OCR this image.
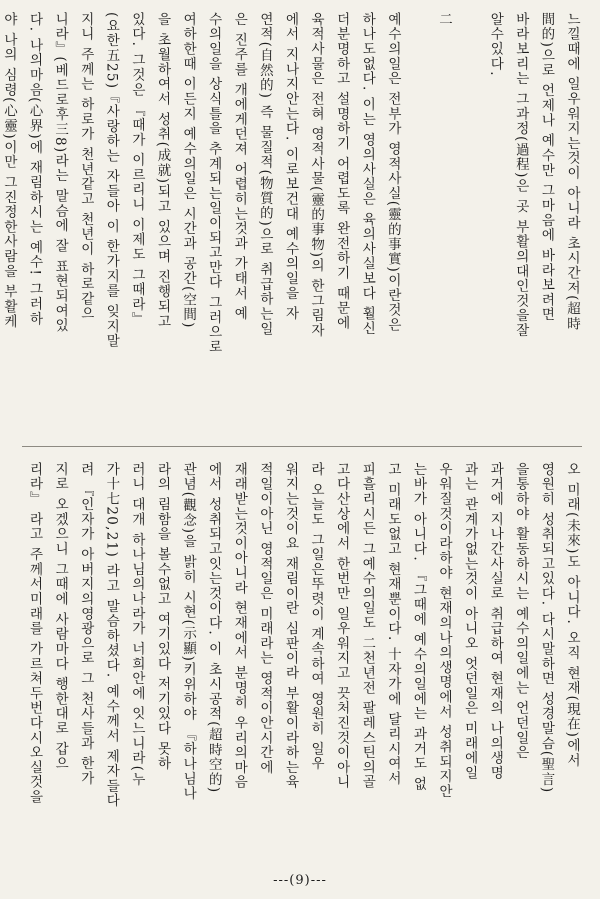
느낄때에 일우워지는것이 아니라 초시간저(超時
間的)으로 언제나 예수만 그마음에 바라보려면
바라보리는 그과정(過程)은 곳 부활의대인것을잘
알수있다.

二

예수의일은 전부가 영적사실(靈的事實)이란것은
하나도없다. 이는 영의사실은 육의사실보다 훨신
더분명하고 설명하기 어렵도록 완전하기 때문에
육적사물은 전혀 영적사물(靈的事物)의 한그림자
에서 지나지안는다. 이로보건대 예수의일을 자
연적(自然的) 즉 물질적(物質的)으로 취급하는일
은 진주를 개에게던져 어렵히는것과 가태서 예
수의일을 상식틀을 추계되는일이되고만다 그러으로
여하한때 이든지 예수의일은 시간과 공간(空間)
을 초월하여서 성취(成就)되고 있으며 진행되고
있다. 그것은 『때가 이르리니 이제도 그때라』
(요한五25)『사랑하는 자들아 이 한가지를 잊지말
지니 주께는 하로가 천년같고 천년이 하로같으
니라』(베드로후三8)라는 말슴에 잘 표현되여있
다. 나의마음(心界)에 재림하시는 예수! 그러하
야 나의 심령(心靈)이만 그진정한사람을 부활케
오 미래(未來)도 아니다. 오직 현재(現在)에서
영원히 성취되고있다. 다시말하면 성경말슴(聖言)
을통하야 활동하시는 예수의일에는 언던일은
과거에 지나간사실로 취급하여 현재의 나의생명
과는 관계가없는것이 아니오 엇던일은 미래에일
우워질것이라하야 현재의나의생명에서 성취되지안
는바가 아니다. 『그때에 예수의일에는 과거도 없
고 미래도없고 현재뿐이다. 十자가에 달리시여서
피흘리시든 그예수의일도 二천년전 팔레스틴의골
고다산상에서 한번만 일우워지고 끗처진것이아니
라 오늘도 그일은뚜렷이 계속하여 영원히 일우
워지는것이요 재림이란 심판이라 부활이라하는육
적일이아닌 영적일은 미래라는 영적이안시간에
재래받는것이아니라 현재에서 분명히 우리의마음
에서 성취되고잇는것이다. 이 초시공적(超時空的)
관념(觀念)을 밝히 시현(示顯)키위하야 『하나님나
라의 림함을 볼수없고 여기있다 저기있다 못하
러니 대개 하나님의나라가 너희안에 잇느니라(누
가十七20,21) 라고 말슴하셨다. 예수께서 제자들다
려 『인자가 아버지의영광으로 그 천사들과 한가
지로 오겠으니 그때에 사람마다 행한대로 갑으
리라』 라고 주께서미래를 가르쳐두번다시오실것을
---(9)---
